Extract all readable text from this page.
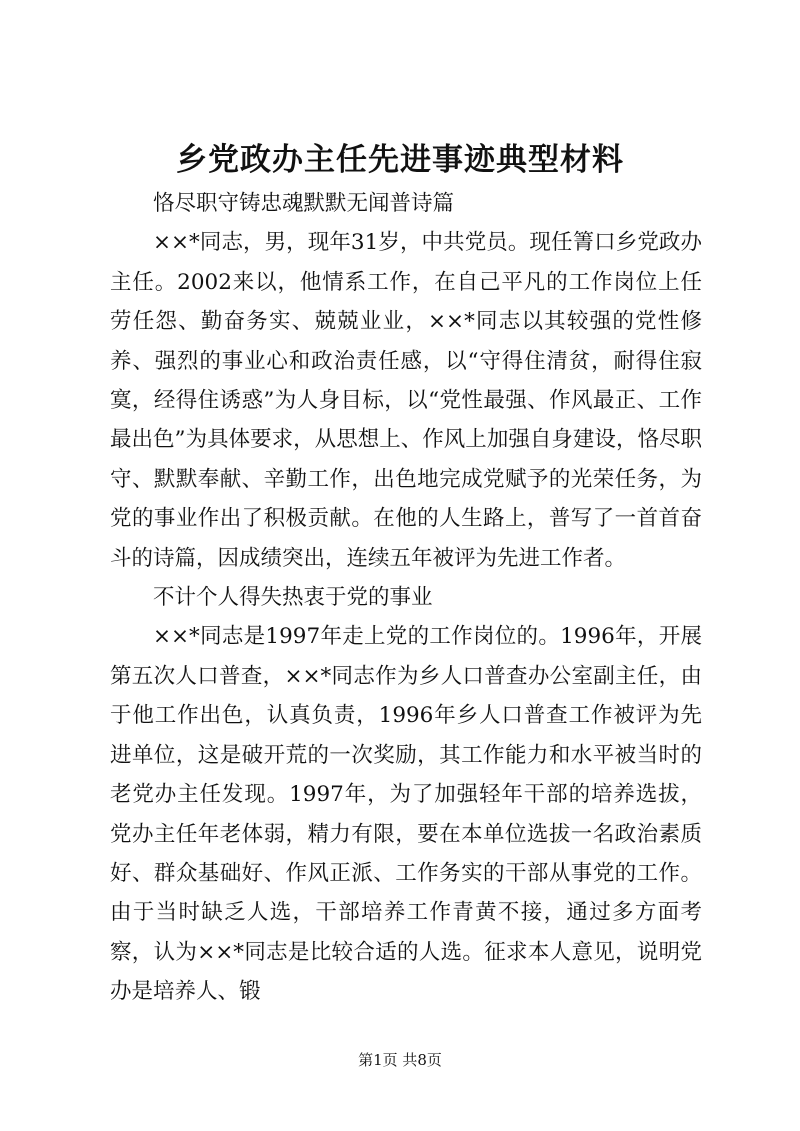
乡党政办主任先进事迹典型材料

恪尽职守铸忠魂默默无闻普诗篇

××*同志，男，现年31岁，中共党员。现任箐口乡党政办主任。2002来以，他情系工作，在自己平凡的工作岗位上任劳任怨、勤奋务实、兢兢业业，××*同志以其较强的党性修养、强烈的事业心和政治责任感，以“守得住清贫，耐得住寂寞，经得住诱惑”为人身目标，以“党性最强、作风最正、工作最出色”为具体要求，从思想上、作风上加强自身建设，恪尽职守、默默奉献、辛勤工作，出色地完成党赋予的光荣任务，为党的事业作出了积极贡献。在他的人生路上，普写了一首首奋斗的诗篇，因成绩突出，连续五年被评为先进工作者。

不计个人得失热衷于党的事业

××*同志是1997年走上党的工作岗位的。1996年，开展第五次人口普查，××*同志作为乡人口普查办公室副主任，由于他工作出色，认真负责，1996年乡人口普查工作被评为先进单位，这是破开荒的一次奖励，其工作能力和水平被当时的老党办主任发现。1997年，为了加强轻年干部的培养选拔，党办主任年老体弱，精力有限，要在本单位选拔一名政治素质好、群众基础好、作风正派、工作务实的干部从事党的工作。由于当时缺乏人选，干部培养工作青黄不接，通过多方面考察，认为××*同志是比较合适的人选。征求本人意见，说明党办是培养人、锻

第1页 共8页
